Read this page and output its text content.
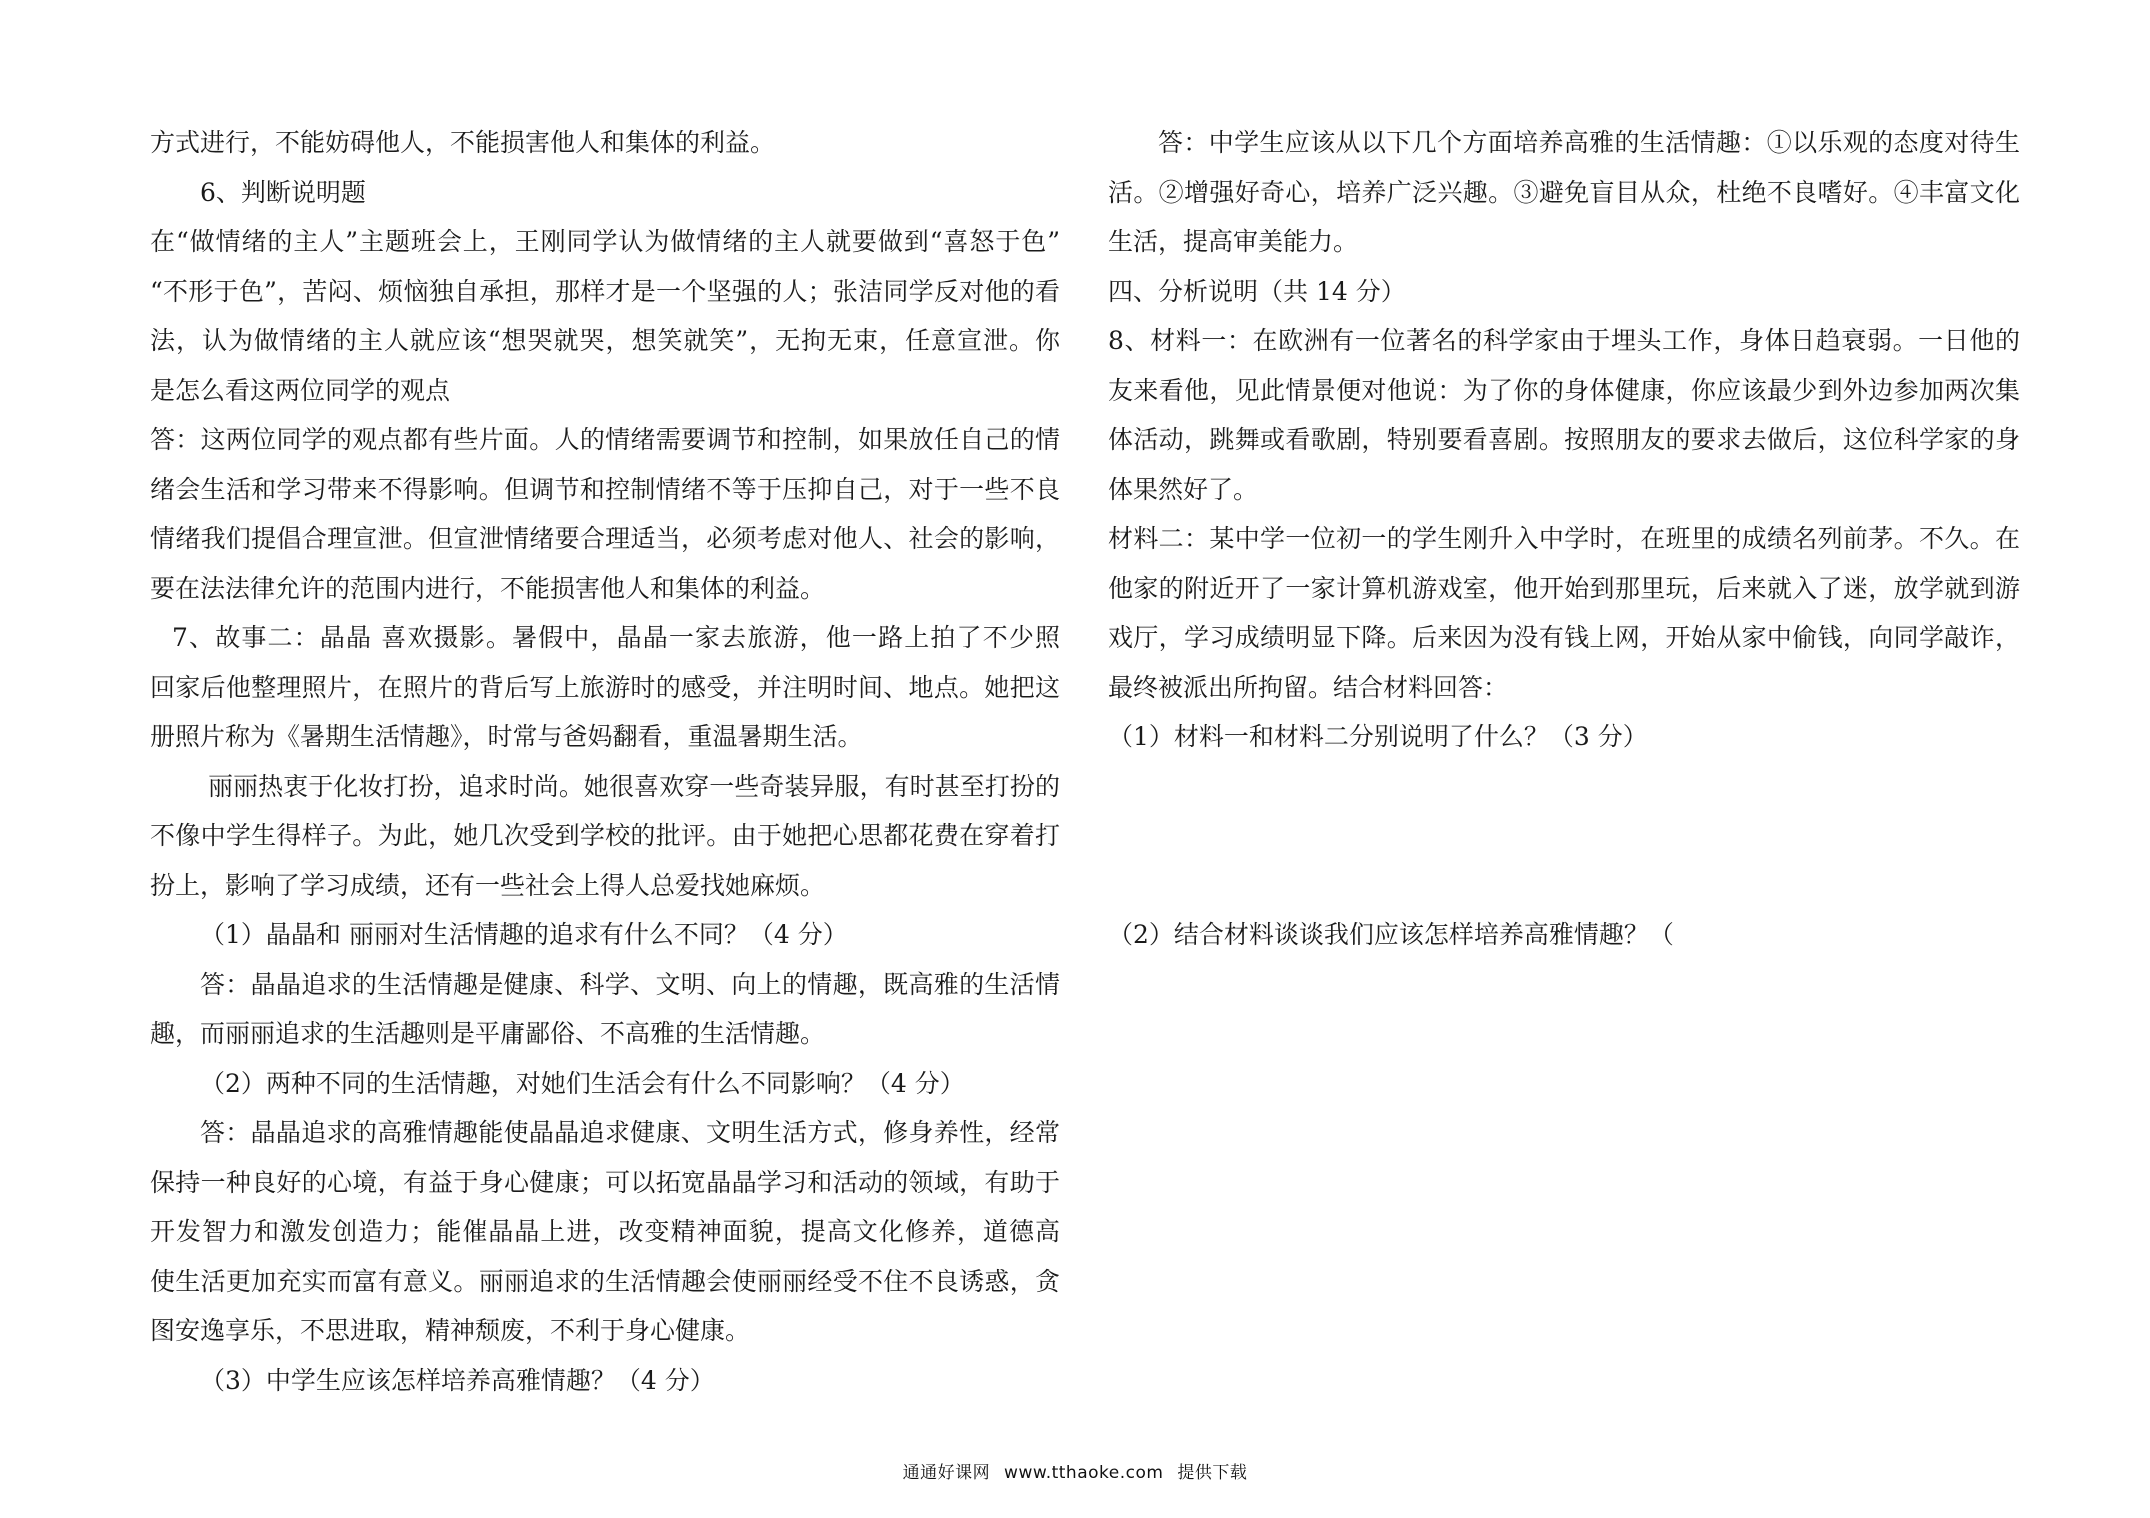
方式进行，不能妨碍他人，不能损害他人和集体的利益。
6、判断说明题
在“做情绪的主人”主题班会上，王刚同学认为做情绪的主人就要做到“喜怒于色”
“不形于色”，苦闷、烦恼独自承担，那样才是一个坚强的人；张洁同学反对他的看
法，认为做情绪的主人就应该“想哭就哭，想笑就笑”，无拘无束，任意宣泄。你
是怎么看这两位同学的观点
答：这两位同学的观点都有些片面。人的情绪需要调节和控制，如果放任自己的情
绪会生活和学习带来不得影响。但调节和控制情绪不等于压抑自己，对于一些不良
情绪我们提倡合理宣泄。但宣泄情绪要合理适当，必须考虑对他人、社会的影响，
要在法法律允许的范围内进行，不能损害他人和集体的利益。
7、故事二：晶晶 喜欢摄影。暑假中，晶晶一家去旅游，他一路上拍了不少照
回家后他整理照片，在照片的背后写上旅游时的感受，并注明时间、地点。她把这
册照片称为《暑期生活情趣》，时常与爸妈翻看，重温暑期生活。
丽丽热衷于化妆打扮，追求时尚。她很喜欢穿一些奇装异服，有时甚至打扮的
不像中学生得样子。为此，她几次受到学校的批评。由于她把心思都花费在穿着打
扮上，影响了学习成绩，还有一些社会上得人总爱找她麻烦。
（1）晶晶和 丽丽对生活情趣的追求有什么不同？（4 分）
答：晶晶追求的生活情趣是健康、科学、文明、向上的情趣，既高雅的生活情
趣，而丽丽追求的生活趣则是平庸鄙俗、不高雅的生活情趣。
（2）两种不同的生活情趣，对她们生活会有什么不同影响？（4 分）
答：晶晶追求的高雅情趣能使晶晶追求健康、文明生活方式，修身养性，经常
保持一种良好的心境，有益于身心健康；可以拓宽晶晶学习和活动的领域，有助于
开发智力和激发创造力；能催晶晶上进，改变精神面貌，提高文化修养，道德高
使生活更加充实而富有意义。丽丽追求的生活情趣会使丽丽经受不住不良诱惑，贪
图安逸享乐，不思进取，精神颓废，不利于身心健康。
（3）中学生应该怎样培养高雅情趣？（4 分）
答：中学生应该从以下几个方面培养高雅的生活情趣：①以乐观的态度对待生
活。②增强好奇心，培养广泛兴趣。③避免盲目从众，杜绝不良嗜好。④丰富文化
生活，提高审美能力。
四、分析说明（共 14 分）
8、材料一：在欧洲有一位著名的科学家由于埋头工作，身体日趋衰弱。一日他的
友来看他，见此情景便对他说：为了你的身体健康，你应该最少到外边参加两次集
体活动，跳舞或看歌剧，特别要看喜剧。按照朋友的要求去做后，这位科学家的身
体果然好了。
材料二：某中学一位初一的学生刚升入中学时，在班里的成绩名列前茅。不久。在
他家的附近开了一家计算机游戏室，他开始到那里玩，后来就入了迷，放学就到游
戏厅，学习成绩明显下降。后来因为没有钱上网，开始从家中偷钱，向同学敲诈，
最终被派出所拘留。结合材料回答：
（1）材料一和材料二分别说明了什么？（3 分）
（2）结合材料谈谈我们应该怎样培养高雅情趣？（
通通好课网 www.tthaoke.com 提供下载
